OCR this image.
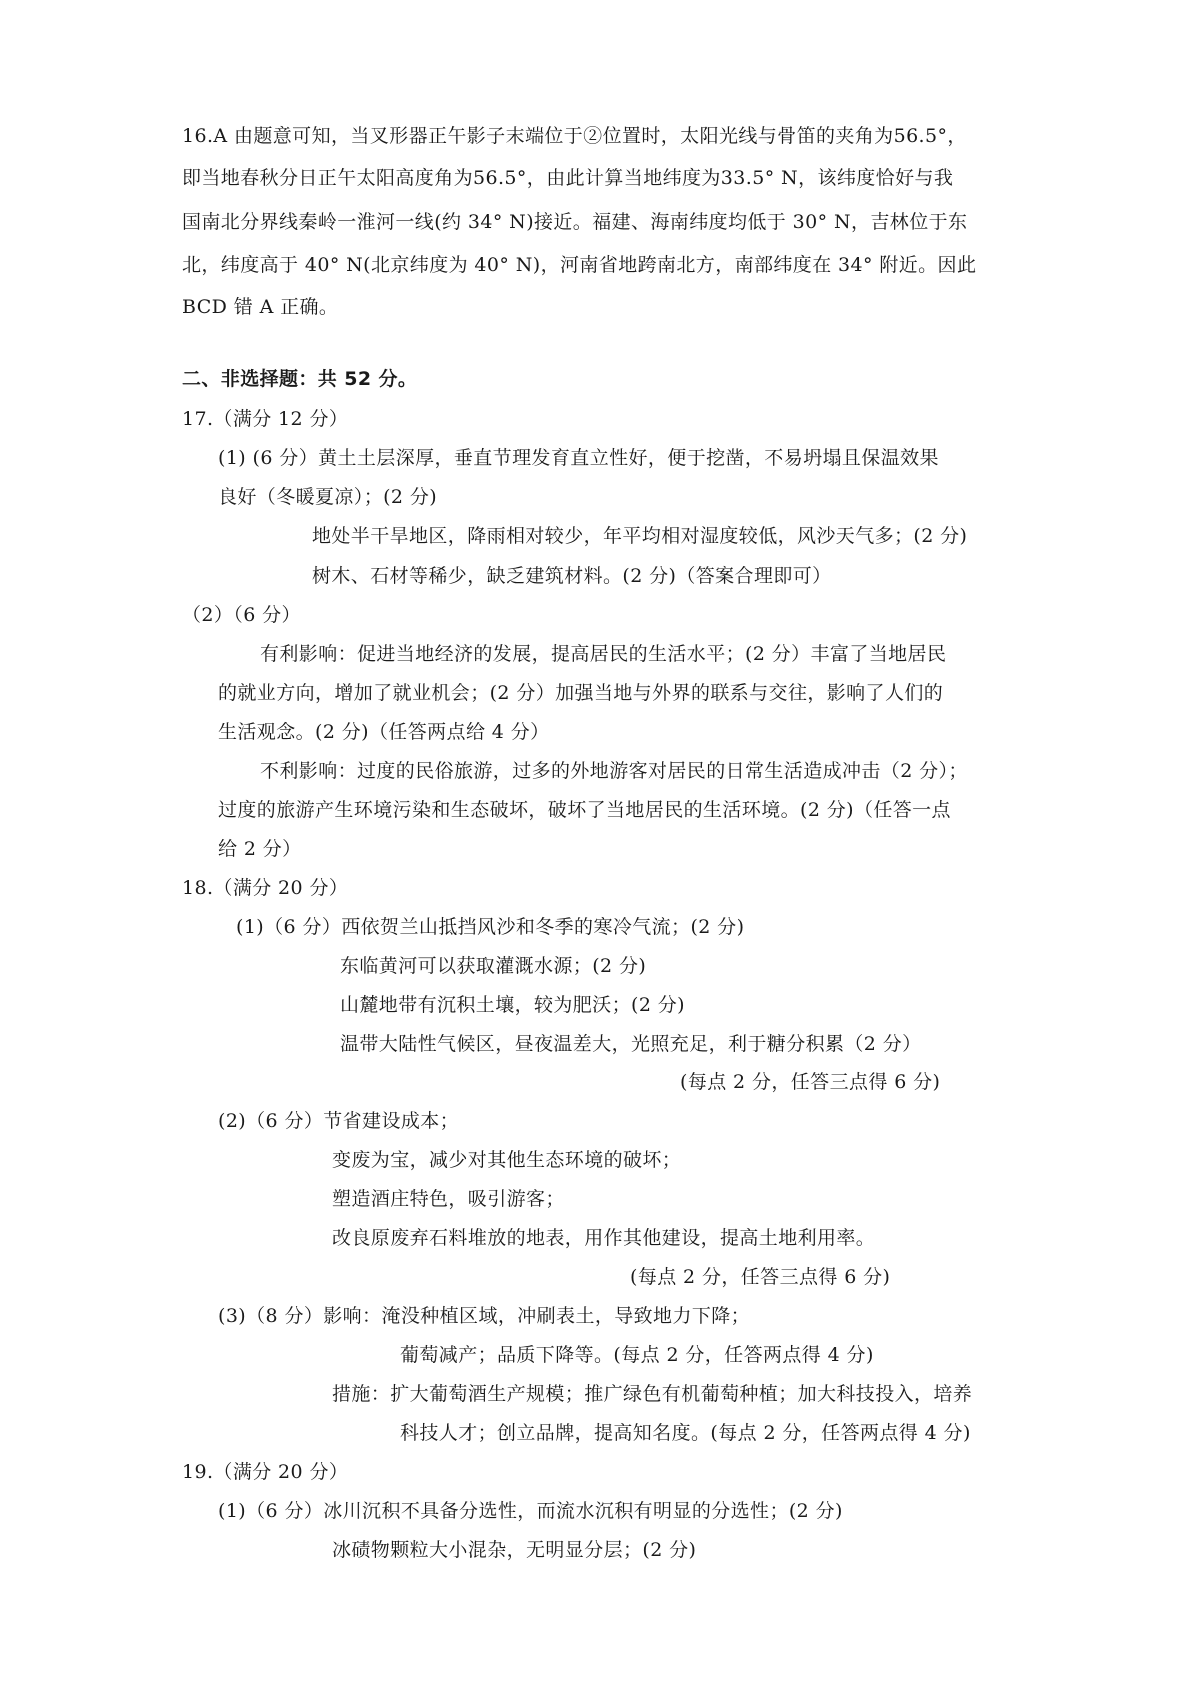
16.A 由题意可知，当叉形器正午影子末端位于②位置时，太阳光线与骨笛的夹角为56.5°，
即当地春秋分日正午太阳高度角为56.5°，由此计算当地纬度为33.5° N，该纬度恰好与我
国南北分界线秦岭一淮河一线(约 34° N)接近。福建、海南纬度均低于 30° N，吉林位于东
北，纬度高于 40° N(北京纬度为 40° N)，河南省地跨南北方，南部纬度在 34° 附近。因此
BCD 错 A 正确。
二、非选择题：共 52 分。
17.（满分 12 分）
(1) (6 分）黄土土层深厚，垂直节理发育直立性好，便于挖凿，不易坍塌且保温效果
良好（冬暖夏凉）；(2 分)
地处半干旱地区，降雨相对较少，年平均相对湿度较低，风沙天气多；(2 分)
树木、石材等稀少，缺乏建筑材料。(2 分)（答案合理即可）
（2）（6 分）
有利影响：促进当地经济的发展，提高居民的生活水平；(2 分）丰富了当地居民
的就业方向，增加了就业机会；(2 分）加强当地与外界的联系与交往，影响了人们的
生活观念。(2 分)（任答两点给 4 分）
不利影响：过度的民俗旅游，过多的外地游客对居民的日常生活造成冲击（2 分）；
过度的旅游产生环境污染和生态破坏，破坏了当地居民的生活环境。(2 分)（任答一点
给 2 分）
18.（满分 20 分）
(1)（6 分）西依贺兰山抵挡风沙和冬季的寒冷气流；(2 分)
东临黄河可以获取灌溉水源；(2 分)
山麓地带有沉积土壤，较为肥沃；(2 分)
温带大陆性气候区，昼夜温差大，光照充足，利于糖分积累（2 分）
(每点 2 分，任答三点得 6 分)
(2)（6 分）节省建设成本；
变废为宝，减少对其他生态环境的破坏；
塑造酒庄特色，吸引游客；
改良原废弃石料堆放的地表，用作其他建设，提高土地利用率。
(每点 2 分，任答三点得 6 分)
(3)（8 分）影响：淹没种植区域，冲刷表土，导致地力下降；
葡萄减产；品质下降等。(每点 2 分，任答两点得 4 分)
措施：扩大葡萄酒生产规模；推广绿色有机葡萄种植；加大科技投入，培养
科技人才；创立品牌，提高知名度。(每点 2 分，任答两点得 4 分)
19.（满分 20 分）
(1)（6 分）冰川沉积不具备分选性，而流水沉积有明显的分选性；(2 分)
冰碛物颗粒大小混杂，无明显分层；(2 分)
